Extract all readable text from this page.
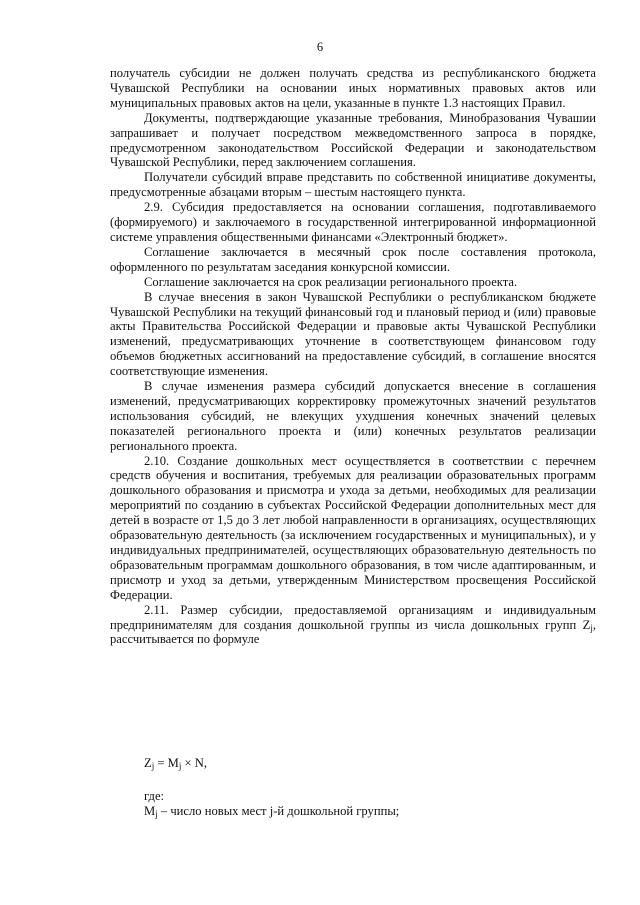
6

получатель субсидии не должен получать средства из республиканского бюджета Чувашской Республики на основании иных нормативных правовых актов или муниципальных правовых актов на цели, указанные в пункте 1.3 настоящих Правил.

Документы, подтверждающие указанные требования, Минобразования Чувашии запрашивает и получает посредством межведомственного запроса в порядке, предусмотренном законодательством Российской Федерации и законодательством Чувашской Республики, перед заключением соглашения.

Получатели субсидий вправе представить по собственной инициативе документы, предусмотренные абзацами вторым – шестым настоящего пункта.

2.9. Субсидия предоставляется на основании соглашения, подготавливаемого (формируемого) и заключаемого в государственной интегрированной информационной системе управления общественными финансами «Электронный бюджет».

Соглашение заключается в месячный срок после составления протокола, оформленного по результатам заседания конкурсной комиссии.

Соглашение заключается на срок реализации регионального проекта.

В случае внесения в закон Чувашской Республики о республиканском бюджете Чувашской Республики на текущий финансовый год и плановый период и (или) правовые акты Правительства Российской Федерации и правовые акты Чувашской Республики изменений, предусматривающих уточнение в соответствующем финансовом году объемов бюджетных ассигнований на предоставление субсидий, в соглашение вносятся соответствующие изменения.

В случае изменения размера субсидий допускается внесение в соглашения изменений, предусматривающих корректировку промежуточных значений результатов использования субсидий, не влекущих ухудшения конечных значений целевых показателей регионального проекта и (или) конечных результатов реализации регионального проекта.

2.10. Создание дошкольных мест осуществляется в соответствии с перечнем средств обучения и воспитания, требуемых для реализации образовательных программ дошкольного образования и присмотра и ухода за детьми, необходимых для реализации мероприятий по созданию в субъектах Российской Федерации дополнительных мест для детей в возрасте от 1,5 до 3 лет любой направленности в организациях, осуществляющих образовательную деятельность (за исключением государственных и муниципальных), и у индивидуальных предпринимателей, осуществляющих образовательную деятельность по образовательным программам дошкольного образования, в том числе адаптированным, и присмотр и уход за детьми, утвержденным Министерством просвещения Российской Федерации.

2.11. Размер субсидии, предоставляемой организациям и индивидуальным предпринимателям для создания дошкольной группы из числа дошкольных групп $Z_j$, рассчитывается по формуле

$Z_j = M_j \times N$,
где:
$M_j$ – число новых мест j-й дошкольной группы;
